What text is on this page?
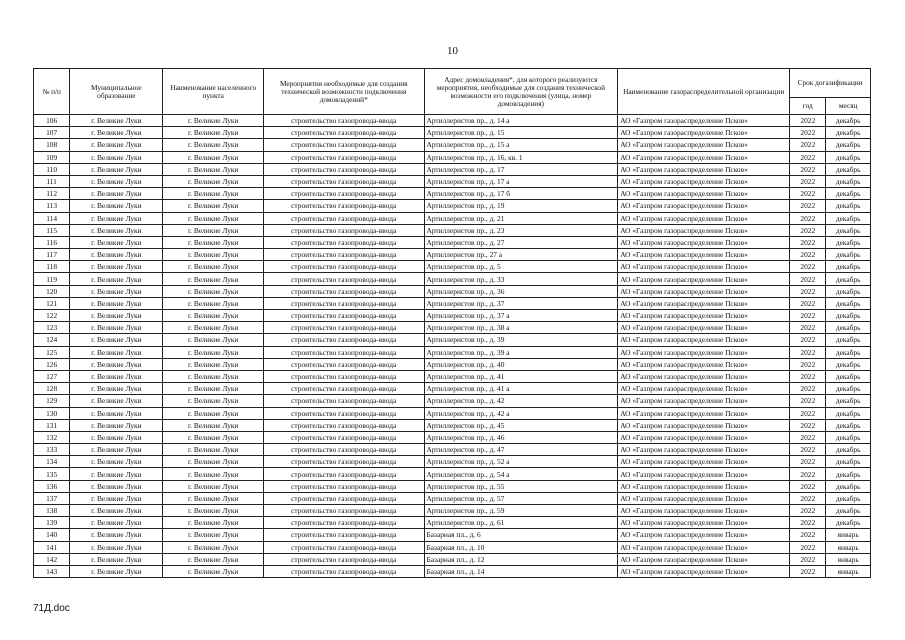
10
№ п/п	Муниципальное образование	Наименование населенного пункта	Мероприятия необходимые для создания технической возможности подключения домовладений*	Адрес домовладения*, для которого реализуются мероприятия, необходимые для создания технической возможности его подключения (улица, номер домовладения)	Наименование газораспределительной организации	Срок догазификации	
						год	месяц
106	г. Великие Луки	г. Великие Луки	строительство газопровода-ввода	Артиллеристов пр., д. 14 а	АО «Газпром газораспределение Псков»	2022	декабрь
107	г. Великие Луки	г. Великие Луки	строительство газопровода-ввода	Артиллеристов пр., д. 15	АО «Газпром газораспределение Псков»	2022	декабрь
108	г. Великие Луки	г. Великие Луки	строительство газопровода-ввода	Артиллеристов пр., д. 15 а	АО «Газпром газораспределение Псков»	2022	декабрь
109	г. Великие Луки	г. Великие Луки	строительство газопровода-ввода	Артиллеристов пр., д. 16, кв. 1	АО «Газпром газораспределение Псков»	2022	декабрь
110	г. Великие Луки	г. Великие Луки	строительство газопровода-ввода	Артиллеристов пр., д. 17	АО «Газпром газораспределение Псков»	2022	декабрь
111	г. Великие Луки	г. Великие Луки	строительство газопровода-ввода	Артиллеристов пр., д. 17 а	АО «Газпром газораспределение Псков»	2022	декабрь
112	г. Великие Луки	г. Великие Луки	строительство газопровода-ввода	Артиллеристов пр., д. 17 б	АО «Газпром газораспределение Псков»	2022	декабрь
113	г. Великие Луки	г. Великие Луки	строительство газопровода-ввода	Артиллеристов пр., д. 19	АО «Газпром газораспределение Псков»	2022	декабрь
114	г. Великие Луки	г. Великие Луки	строительство газопровода-ввода	Артиллеристов пр., д. 21	АО «Газпром газораспределение Псков»	2022	декабрь
115	г. Великие Луки	г. Великие Луки	строительство газопровода-ввода	Артиллеристов пр., д. 23	АО «Газпром газораспределение Псков»	2022	декабрь
116	г. Великие Луки	г. Великие Луки	строительство газопровода-ввода	Артиллеристов пр., д. 27	АО «Газпром газораспределение Псков»	2022	декабрь
117	г. Великие Луки	г. Великие Луки	строительство газопровода-ввода	Артиллеристов пр., 27 а	АО «Газпром газораспределение Псков»	2022	декабрь
118	г. Великие Луки	г. Великие Луки	строительство газопровода-ввода	Артиллеристов пр., д. 5	АО «Газпром газораспределение Псков»	2022	декабрь
119	г. Великие Луки	г. Великие Луки	строительство газопровода-ввода	Артиллеристов пр., д. 33	АО «Газпром газораспределение Псков»	2022	декабрь
120	г. Великие Луки	г. Великие Луки	строительство газопровода-ввода	Артиллеристов пр., д. 36	АО «Газпром газораспределение Псков»	2022	декабрь
121	г. Великие Луки	г. Великие Луки	строительство газопровода-ввода	Артиллеристов пр., д. 37	АО «Газпром газораспределение Псков»	2022	декабрь
122	г. Великие Луки	г. Великие Луки	строительство газопровода-ввода	Артиллеристов пр., д. 37 а	АО «Газпром газораспределение Псков»	2022	декабрь
123	г. Великие Луки	г. Великие Луки	строительство газопровода-ввода	Артиллеристов пр., д. 38 а	АО «Газпром газораспределение Псков»	2022	декабрь
124	г. Великие Луки	г. Великие Луки	строительство газопровода-ввода	Артиллеристов пр., д. 39	АО «Газпром газораспределение Псков»	2022	декабрь
125	г. Великие Луки	г. Великие Луки	строительство газопровода-ввода	Артиллеристов пр., д. 39 а	АО «Газпром газораспределение Псков»	2022	декабрь
126	г. Великие Луки	г. Великие Луки	строительство газопровода-ввода	Артиллеристов пр., д. 40	АО «Газпром газораспределение Псков»	2022	декабрь
127	г. Великие Луки	г. Великие Луки	строительство газопровода-ввода	Артиллеристов пр., д. 41	АО «Газпром газораспределение Псков»	2022	декабрь
128	г. Великие Луки	г. Великие Луки	строительство газопровода-ввода	Артиллеристов пр., д. 41 а	АО «Газпром газораспределение Псков»	2022	декабрь
129	г. Великие Луки	г. Великие Луки	строительство газопровода-ввода	Артиллеристов пр., д. 42	АО «Газпром газораспределение Псков»	2022	декабрь
130	г. Великие Луки	г. Великие Луки	строительство газопровода-ввода	Артиллеристов пр., д. 42 а	АО «Газпром газораспределение Псков»	2022	декабрь
131	г. Великие Луки	г. Великие Луки	строительство газопровода-ввода	Артиллеристов пр., д. 45	АО «Газпром газораспределение Псков»	2022	декабрь
132	г. Великие Луки	г. Великие Луки	строительство газопровода-ввода	Артиллеристов пр., д. 46	АО «Газпром газораспределение Псков»	2022	декабрь
133	г. Великие Луки	г. Великие Луки	строительство газопровода-ввода	Артиллеристов пр., д. 47	АО «Газпром газораспределение Псков»	2022	декабрь
134	г. Великие Луки	г. Великие Луки	строительство газопровода-ввода	Артиллеристов пр., д. 52 а	АО «Газпром газораспределение Псков»	2022	декабрь
135	г. Великие Луки	г. Великие Луки	строительство газопровода-ввода	Артиллеристов пр., д. 54 а	АО «Газпром газораспределение Псков»	2022	декабрь
136	г. Великие Луки	г. Великие Луки	строительство газопровода-ввода	Артиллеристов пр., д. 55	АО «Газпром газораспределение Псков»	2022	декабрь
137	г. Великие Луки	г. Великие Луки	строительство газопровода-ввода	Артиллеристов пр., д. 57	АО «Газпром газораспределение Псков»	2022	декабрь
138	г. Великие Луки	г. Великие Луки	строительство газопровода-ввода	Артиллеристов пр., д. 59	АО «Газпром газораспределение Псков»	2022	декабрь
139	г. Великие Луки	г. Великие Луки	строительство газопровода-ввода	Артиллеристов пр., д. 61	АО «Газпром газораспределение Псков»	2022	декабрь
140	г. Великие Луки	г. Великие Луки	строительство газопровода-ввода	Базарная пл., д. 6	АО «Газпром газораспределение Псков»	2022	январь
141	г. Великие Луки	г. Великие Луки	строительство газопровода-ввода	Базарная пл., д. 10	АО «Газпром газораспределение Псков»	2022	январь
142	г. Великие Луки	г. Великие Луки	строительство газопровода-ввода	Базарная пл., д. 12	АО «Газпром газораспределение Псков»	2022	январь
143	г. Великие Луки	г. Великие Луки	строительство газопровода-ввода	Базарная пл., д. 14	АО «Газпром газораспределение Псков»	2022	январь
71Д.doc
